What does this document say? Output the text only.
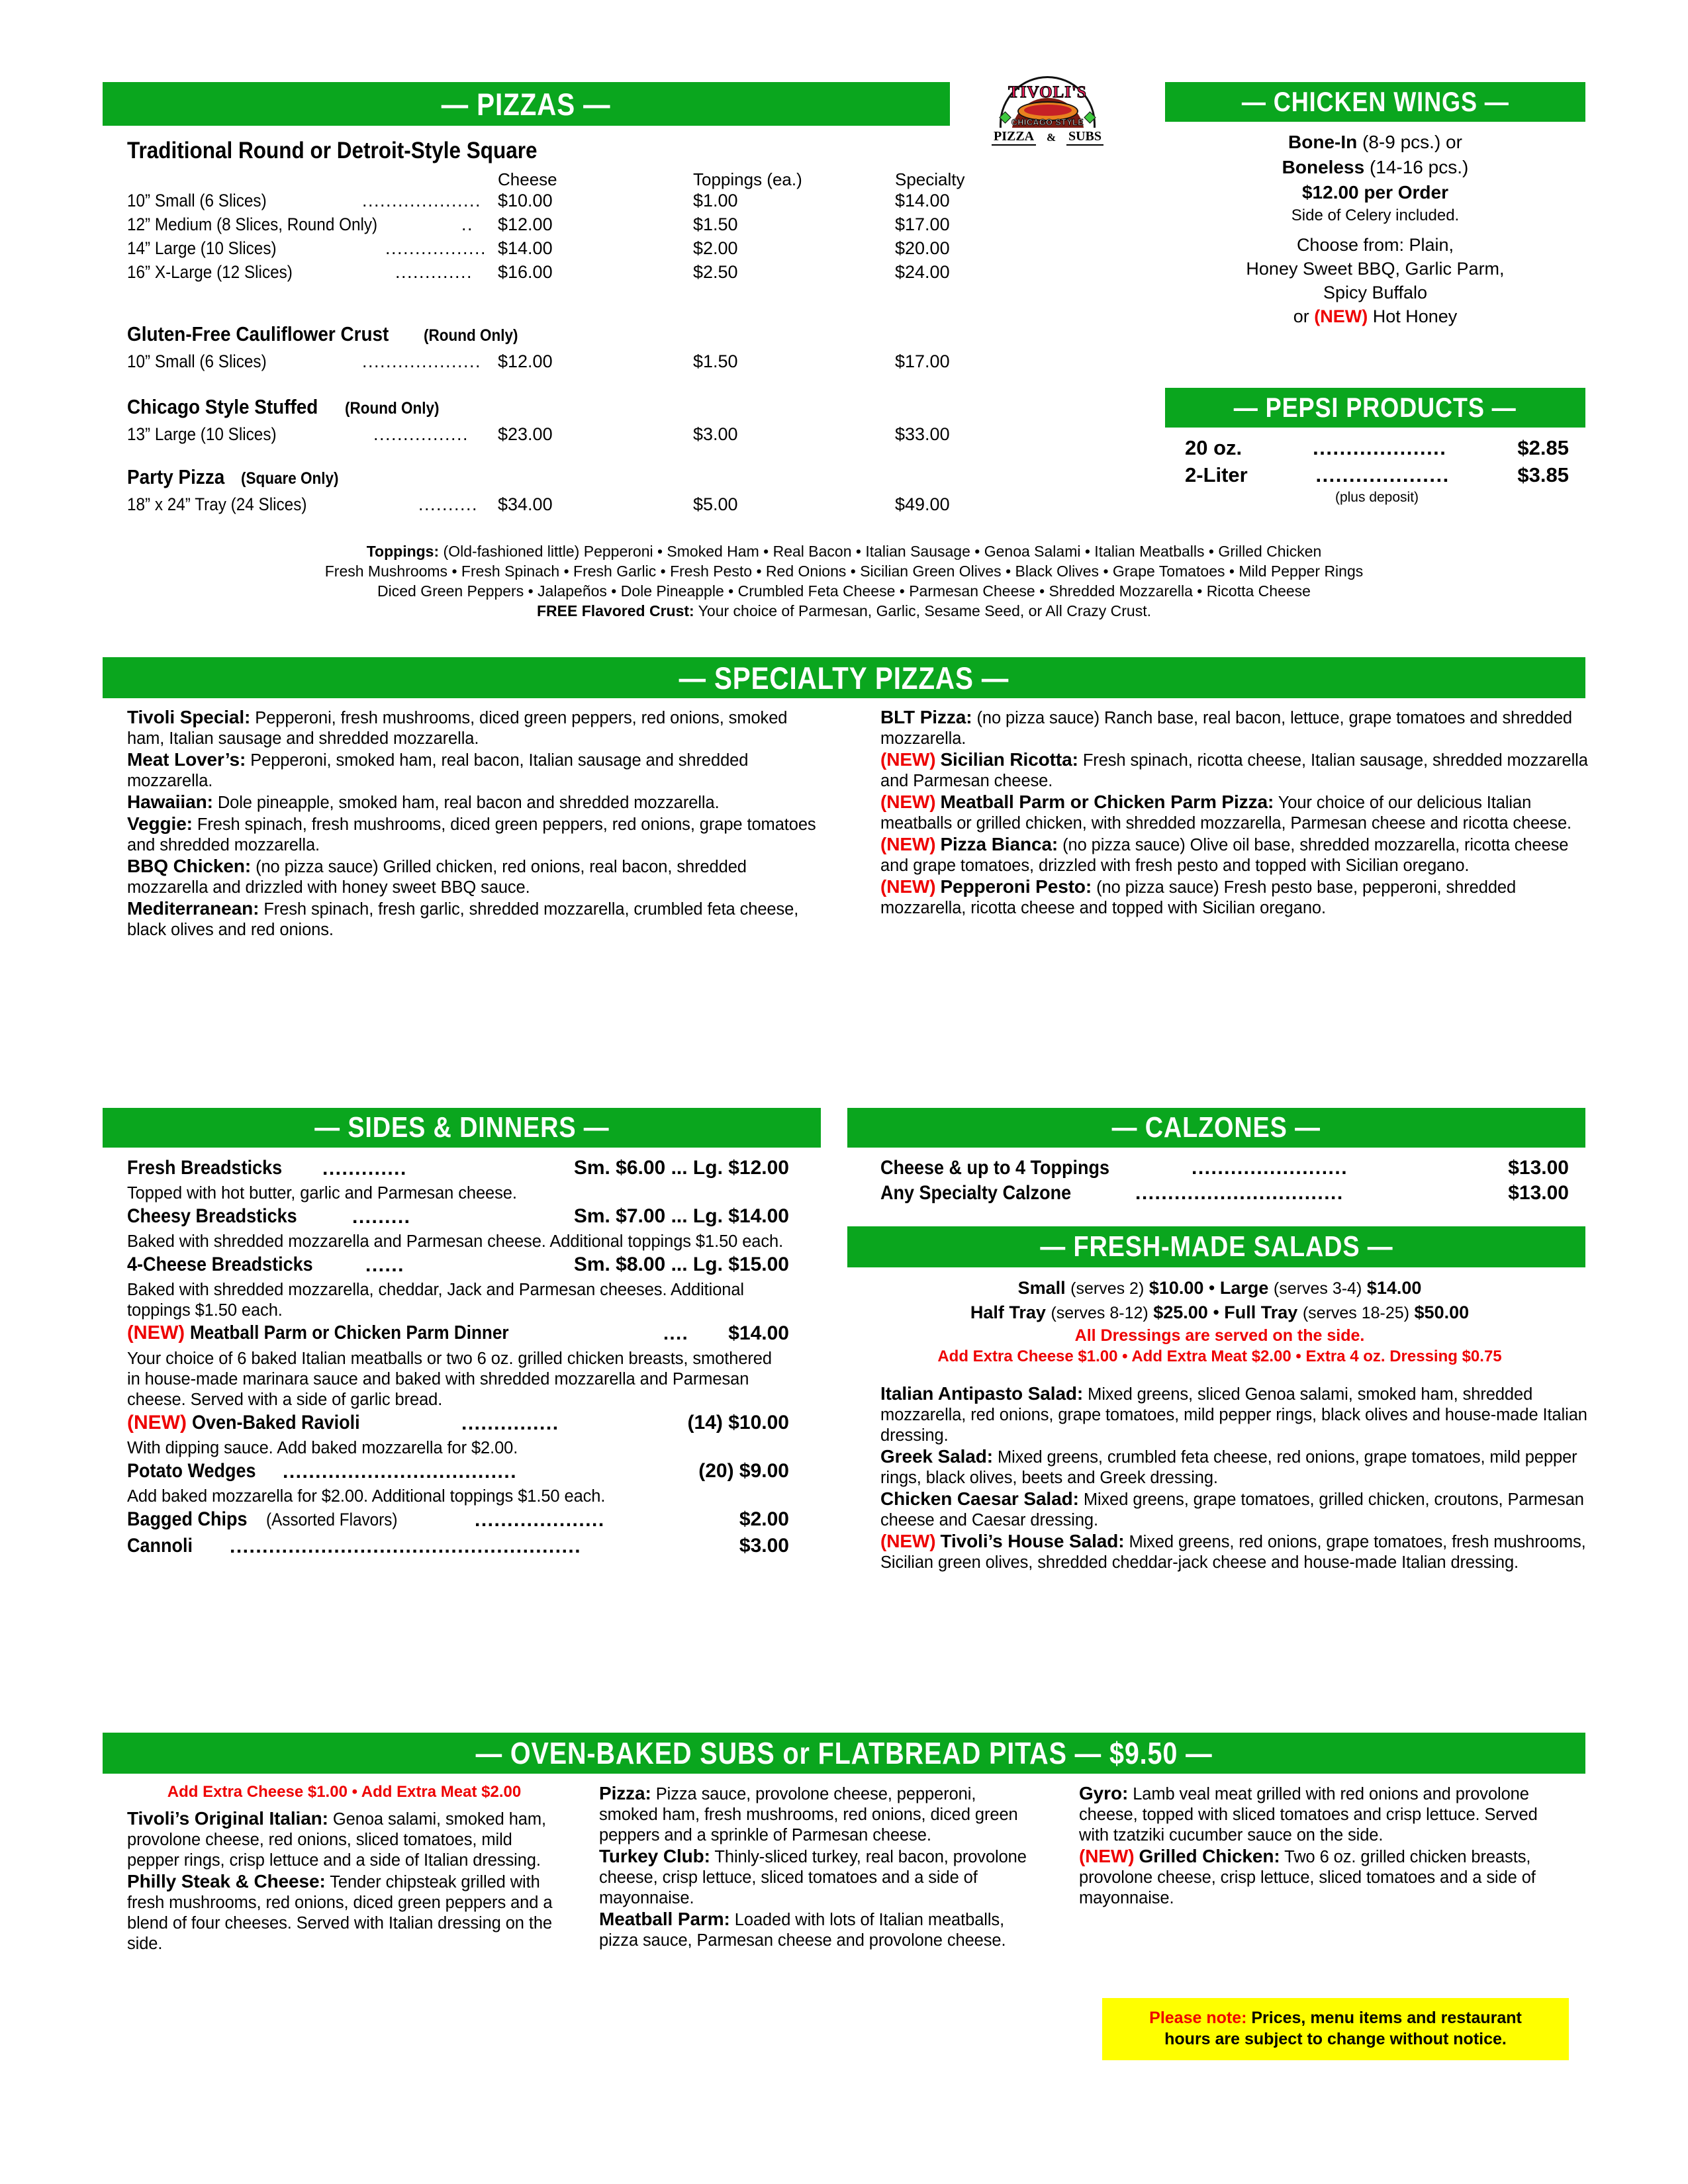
— PIZZAS —	TIVOLI'S
CHICAGO STYLE
PIZZA & SUBS
— CHICKEN WINGS —
Bone-In (8-9 pcs.) or
Boneless (14-16 pcs.)
$12.00 per Order
Side of Celery included.
Choose from: Plain,
Honey Sweet BBQ, Garlic Parm,
Spicy Buffalo
or (NEW) Hot Honey
— PEPSI PRODUCTS —
20 oz.	....................	$2.85
2-Liter	....................	$3.85
(plus deposit)
Traditional Round or Detroit-Style Square
Cheese	Toppings (ea.)	Specialty
10” Small (6 Slices)	.................... $10.00	$1.00	$14.00
12” Medium (8 Slices, Round Only)	.. $12.00	$1.50	$17.00
14” Large (10 Slices)	................. $14.00	$2.00	$20.00
16” X-Large (12 Slices)	............. $16.00	$2.50	$24.00
Gluten-Free Cauliflower Crust (Round Only)
10” Small (6 Slices)	.................... $12.00	$1.50	$17.00
Chicago Style Stuffed (Round Only)
13” Large (10 Slices)	................ $23.00	$3.00	$33.00
Party Pizza (Square Only)
18” x 24” Tray (24 Slices)	.......... $34.00	$5.00	$49.00
Toppings: (Old-fashioned little) Pepperoni • Smoked Ham • Real Bacon • Italian Sausage • Genoa Salami • Italian Meatballs • Grilled Chicken
Fresh Mushrooms • Fresh Spinach • Fresh Garlic • Fresh Pesto • Red Onions • Sicilian Green Olives • Black Olives • Grape Tomatoes • Mild Pepper Rings
Diced Green Peppers • Jalapeños • Dole Pineapple • Crumbled Feta Cheese • Parmesan Cheese • Shredded Mozzarella • Ricotta Cheese
FREE Flavored Crust: Your choice of Parmesan, Garlic, Sesame Seed, or All Crazy Crust.
— SPECIALTY PIZZAS —
Tivoli Special: Pepperoni, fresh mushrooms, diced green peppers, red onions, smoked ham, Italian sausage and shredded mozzarella.
Meat Lover’s: Pepperoni, smoked ham, real bacon, Italian sausage and shredded mozzarella.
Hawaiian: Dole pineapple, smoked ham, real bacon and shredded mozzarella.
Veggie: Fresh spinach, fresh mushrooms, diced green peppers, red onions, grape tomatoes and shredded mozzarella.
BBQ Chicken: (no pizza sauce) Grilled chicken, red onions, real bacon, shredded mozzarella and drizzled with honey sweet BBQ sauce.
Mediterranean: Fresh spinach, fresh garlic, shredded mozzarella, crumbled feta cheese, black olives and red onions.
BLT Pizza: (no pizza sauce) Ranch base, real bacon, lettuce, grape tomatoes and shredded mozzarella.
(NEW) Sicilian Ricotta: Fresh spinach, ricotta cheese, Italian sausage, shredded mozzarella and Parmesan cheese.
(NEW) Meatball Parm or Chicken Parm Pizza: Your choice of our delicious Italian meatballs or grilled chicken, with shredded mozzarella, Parmesan cheese and ricotta cheese.
(NEW) Pizza Bianca: (no pizza sauce) Olive oil base, shredded mozzarella, ricotta cheese and grape tomatoes, drizzled with fresh pesto and topped with Sicilian oregano.
(NEW) Pepperoni Pesto: (no pizza sauce) Fresh pesto base, pepperoni, shredded mozzarella, ricotta cheese and topped with Sicilian oregano.
— SIDES & DINNERS —
Fresh Breadsticks	.............	Sm. $6.00 ... Lg. $12.00
Topped with hot butter, garlic and Parmesan cheese.
Cheesy Breadsticks	.........	Sm. $7.00 ... Lg. $14.00
Baked with shredded mozzarella and Parmesan cheese. Additional toppings $1.50 each.
4-Cheese Breadsticks	......	Sm. $8.00 ... Lg. $15.00
Baked with shredded mozzarella, cheddar, Jack and Parmesan cheeses. Additional toppings $1.50 each.
(NEW) Meatball Parm or Chicken Parm Dinner	.... $14.00
Your choice of 6 baked Italian meatballs or two 6 oz. grilled chicken breasts, smothered in house-made marinara sauce and baked with shredded mozzarella and Parmesan cheese. Served with a side of garlic bread.
(NEW) Oven-Baked Ravioli	...............	(14) $10.00
With dipping sauce. Add baked mozzarella for $2.00.
Potato Wedges	....................................	(20) $9.00
Add baked mozzarella for $2.00. Additional toppings $1.50 each.
Bagged Chips (Assorted Flavors)	....................	$2.00
Cannoli	......................................................	$3.00
— CALZONES —
Cheese & up to 4 Toppings	........................	$13.00
Any Specialty Calzone	................................	$13.00
— FRESH-MADE SALADS —
Small (serves 2) $10.00 • Large (serves 3-4) $14.00
Half Tray (serves 8-12) $25.00 • Full Tray (serves 18-25) $50.00
All Dressings are served on the side.
Add Extra Cheese $1.00 • Add Extra Meat $2.00 • Extra 4 oz. Dressing $0.75
Italian Antipasto Salad: Mixed greens, sliced Genoa salami, smoked ham, shredded mozzarella, red onions, grape tomatoes, mild pepper rings, black olives and house-made Italian dressing.
Greek Salad: Mixed greens, crumbled feta cheese, red onions, grape tomatoes, mild pepper rings, black olives, beets and Greek dressing.
Chicken Caesar Salad: Mixed greens, grape tomatoes, grilled chicken, croutons, Parmesan cheese and Caesar dressing.
(NEW) Tivoli’s House Salad: Mixed greens, red onions, grape tomatoes, fresh mushrooms, Sicilian green olives, shredded cheddar-jack cheese and house-made Italian dressing.
— OVEN-BAKED SUBS or FLATBREAD PITAS — $9.50 —
Add Extra Cheese $1.00 • Add Extra Meat $2.00
Tivoli’s Original Italian: Genoa salami, smoked ham, provolone cheese, red onions, sliced tomatoes, mild pepper rings, crisp lettuce and a side of Italian dressing.
Philly Steak & Cheese: Tender chipsteak grilled with fresh mushrooms, red onions, diced green peppers and a blend of four cheeses. Served with Italian dressing on the side.
Pizza: Pizza sauce, provolone cheese, pepperoni, smoked ham, fresh mushrooms, red onions, diced green peppers and a sprinkle of Parmesan cheese.
Turkey Club: Thinly-sliced turkey, real bacon, provolone cheese, crisp lettuce, sliced tomatoes and a side of mayonnaise.
Meatball Parm: Loaded with lots of Italian meatballs, pizza sauce, Parmesan cheese and provolone cheese.
Gyro: Lamb veal meat grilled with red onions and provolone cheese, topped with sliced tomatoes and crisp lettuce. Served with tzatziki cucumber sauce on the side.
(NEW) Grilled Chicken: Two 6 oz. grilled chicken breasts, provolone cheese, crisp lettuce, sliced tomatoes and a side of mayonnaise.
Please note: Prices, menu items and restaurant
hours are subject to change without notice.
